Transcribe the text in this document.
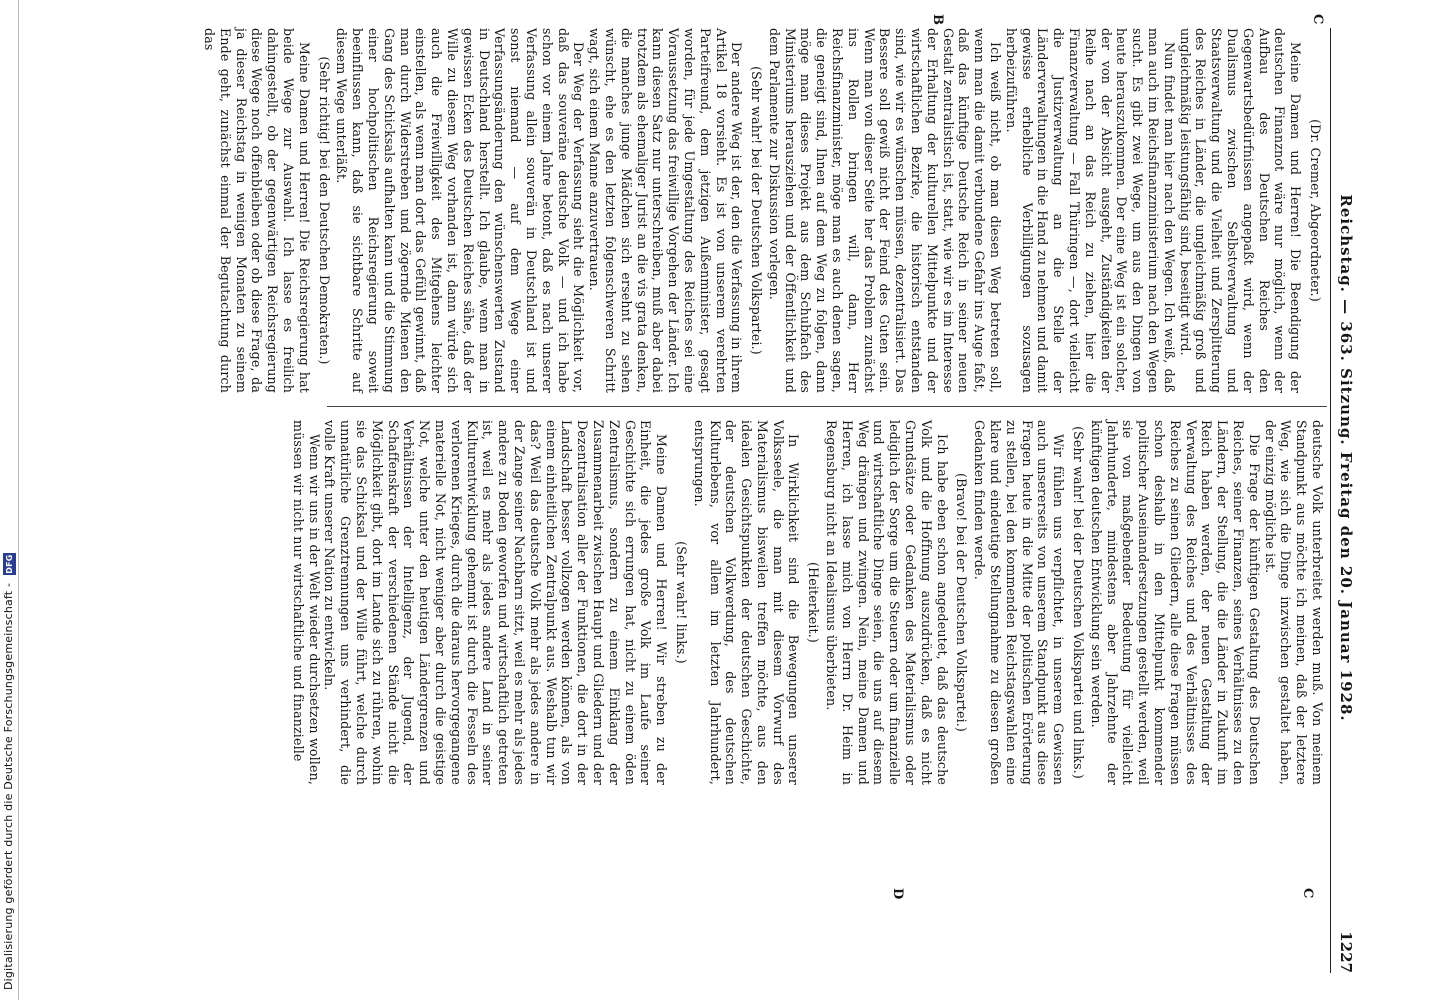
Digitalisierung gefördert durch die Deutsche Forschungsgemeinschaft - DFG	Reichstag. — 363. Sitzung. Freitag den 20. Januar 1928.
1227
C
B
D	C

(Dr. Cremer, Abgeordneter.)

Meine Damen und Herren! Die Beendigung der deutschen Finanznot wäre nur möglich, wenn der Aufbau des Deutschen Reiches den Gegenwartsbedürfnissen angepaßt wird, wenn der Dualismus zwischen Selbstverwaltung und Staatsverwaltung und die Vielheit und Zersplitterung des Reiches in Länder, die ungleichmäßig groß und ungleichmäßig leistungsfähig sind, beseitigt wird.

Nun findet man hier nach den Wegen. Ich weiß, daß man auch im Reichsfinanzministerium nach den Wegen sucht. Es gibt zwei Wege, um aus den Dingen von heute herauszukommen. Der eine Weg ist ein solcher, der von der Absicht ausgeht, Zuständigkeiten der Reihe nach an das Reich zu ziehen, hier die Finanzverwaltung — Fall Thüringen —, dort vielleicht die Justizverwaltung an die Stelle der Länderverwaltungen in die Hand zu nehmen und damit gewisse erhebliche Verbilligungen sozusagen herbeizuführen.

Ich weiß nicht, ob man diesen Weg betreten soll, wenn man die damit verbundene Gefahr ins Auge faßt, daß das künftige Deutsche Reich in seiner neuen Gestalt zentralistisch ist, statt, wie wir es im Interesse der Erhaltung der kulturellen Mittelpunkte und der wirtschaftlichen Bezirke, die historisch entstanden sind, wie wir es wünschen müssen, dezentralisiert. Das Bessere soll gewiß nicht der Feind des Guten sein. Wenn man von dieser Seite her das Problem zunächst ins Rollen bringen will, dann, Herr Reichsfinanzminister, möge man es auch denen sagen, die geneigt sind, Ihnen auf dem Weg zu folgen, dann möge man dieses Projekt aus dem Schubfach des Ministeriums herausziehen und der Öffentlichkeit und dem Parlamente zur Diskussion vorlegen.

(Sehr wahr! bei der Deutschen Volkspartei.)

Der andere Weg ist der, den die Verfassung in ihrem Artikel 18 vorsieht. Es ist von unserem verehrten Parteifreund, dem jetzigen Außenminister, gesagt worden, für jede Umgestaltung des Reiches sei eine Voraussetzung das freiwillige Vorgehen der Länder. Ich kann diesen Satz nur unterschreiben, muß aber dabei trotzdem als ehemaliger Jurist an die vis grata denken, die manches junge Mädchen sich ersehnt zu sehen wünscht, ehe es den letzten folgenschweren Schritt wagt, sich einem Manne anzuvertrauen.

Der Weg der Verfassung sieht die Möglichkeit vor, daß das souveräne deutsche Volk — und ich habe schon vor einem Jahre betont, daß es nach unserer Verfassung allein souverän in Deutschland ist und sonst niemand — auf dem Wege einer Verfassungsänderung den wünschenswerten Zustand in Deutschland herstellt. Ich glaube, wenn man in gewissen Ecken des Deutschen Reiches sähe, daß der Wille zu diesem Weg vorhanden ist, dann würde sich auch die Freiwilligkeit des Mitgehens leichter einstellen, als wenn man dort das Gefühl gewinnt, daß man durch Widerstreben und zögernde Mienen den Gang des Schicksals aufhalten kann und die Stimmung einer hochpolitischen Reichsregierung soweit beeinflussen kann, daß sie sichtbare Schritte auf diesem Wege unterläßt.

(Sehr richtig! bei den Deutschen Demokraten.)

Meine Damen und Herren! Die Reichsregierung hat beide Wege zur Auswahl. Ich lasse es freilich dahingestellt, ob der gegenwärtigen Reichsregierung diese Wege noch offenbleiben oder ob diese Frage, da ja dieser Reichstag in wenigen Monaten zu seinem Ende geht, zunächst einmal der Begutachtung durch das

deutsche Volk unterbreitet werden muß. Von meinem Standpunkt aus möchte ich meinen, daß der letztere Weg, wie sich die Dinge inzwischen gestaltet haben, der einzig mögliche ist.

Die Frage der künftigen Gestaltung des Deutschen Reiches, seiner Finanzen, seines Verhältnisses zu den Ländern, der Stellung, die die Länder in Zukunft im Reich haben werden, der neuen Gestaltung der Verwaltung des Reiches und des Verhältnisses des Reiches zu seinen Gliedern, alle diese Fragen müssen schon deshalb in den Mittelpunkt kommender politischer Auseinandersetzungen gestellt werden, weil sie von maßgebender Bedeutung für vielleicht Jahrhunderte, mindestens aber Jahrzehnte der künftigen deutschen Entwicklung sein werden.

(Sehr wahr! bei der Deutschen Volkspartei und links.)

Wir fühlen uns verpflichtet, in unserem Gewissen auch unsererseits von unserem Standpunkt aus diese Fragen heute in die Mitte der politischen Erörterung zu stellen, bei den kommenden Reichstagswahlen eine klare und eindeutige Stellungnahme zu diesen großen Gedanken finden werde.

(Bravo! bei der Deutschen Volkspartei.)

Ich habe eben schon angedeutet, daß das deutsche Volk und die Hoffnung auszudrücken, daß es nicht Grundsätze oder Gedanken des Materialismus oder lediglich der Sorge um die Steuern oder um finanzielle und wirtschaftliche Dinge seien, die uns auf diesem Weg drängen und zwingen. Nein, meine Damen und Herren, ich lasse mich von Herrn Dr. Heim in Regensburg nicht an Idealismus überbieten.

(Heiterkeit.)

In Wirklichkeit sind die Bewegungen unserer Volksseele, die man mit diesem Vorwurf des Materialismus bisweilen treffen möchte, aus den idealen Gesichtspunkten der deutschen Geschichte, der deutschen Volkwerdung, des deutschen Kulturlebens, vor allem im letzten Jahrhundert, entsprungen.

(Sehr wahr! links.)

Meine Damen und Herren! Wir streben zu der Einheit, die jedes große Volk im Laufe seiner Geschichte sich errungen hat, nicht zu einem öden Zentralismus, sondern zu einem Einklang der Zusammenarbeit zwischen Haupt und Gliedern und der Dezentralisation aller der Funktionen, die dort in der Landschaft besser vollzogen werden können, als von einem einheitlichen Zentralpunkt aus. Weshalb tun wir das? Weil das deutsche Volk mehr als jedes andere in der Zange seiner Nachbarn sitzt, weil es mehr als jedes andere zu Boden geworfen und wirtschaftlich getreten ist, weil es mehr als jedes andere Land in seiner Kulturentwicklung gehemmt ist durch die Fesseln des verlorenen Krieges, durch die daraus hervorgegangene materielle Not, nicht weniger aber durch die geistige Not, welche unter den heutigen Ländergrenzen und Verhältnissen der Intelligenz, der Jugend, der Schaffenskraft der verschiedenen Stände nicht die Möglichkeit gibt, dort im Lande sich zu rühren, wohin sie das Schicksal und der Wille führt, welche durch unnatürliche Grenztrennungen uns verhindert, die volle Kraft unserer Nation zu entwickeln.

Wenn wir uns in der Welt wieder durchsetzen wollen, müssen wir nicht nur wirtschaftliche und finanzielle
